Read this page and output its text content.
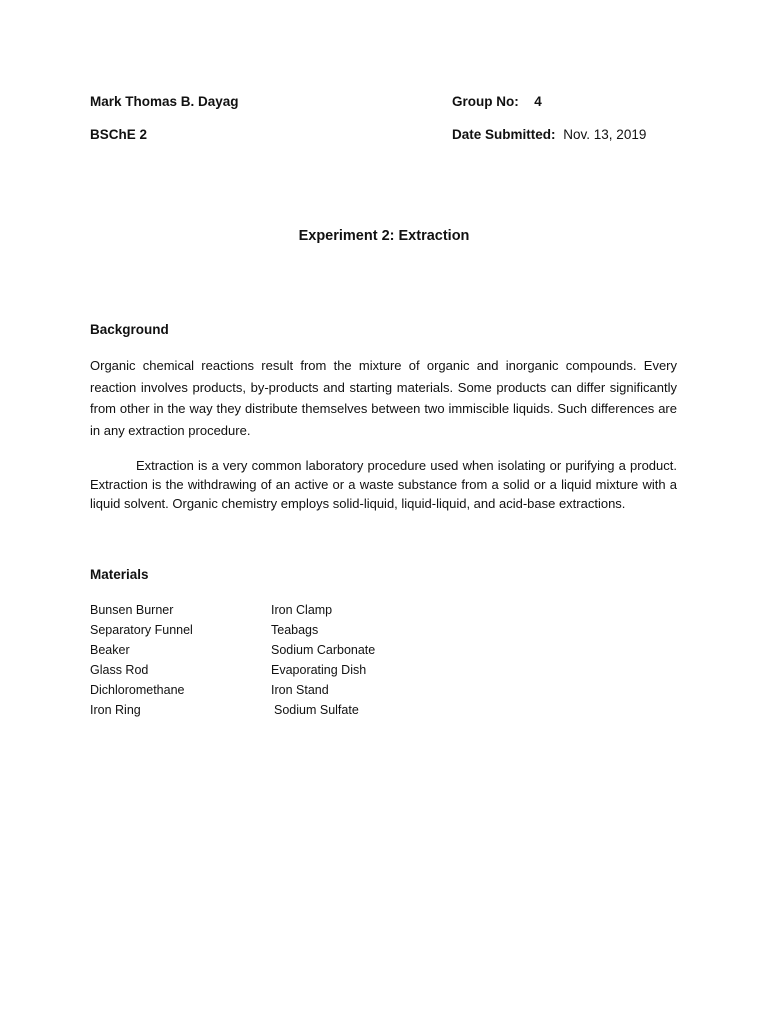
Mark Thomas B. Dayag	Group No: 4
BSChE 2	Date Submitted: Nov. 13, 2019
Experiment 2: Extraction
Background

Organic chemical reactions result from the mixture of organic and inorganic compounds. Every reaction involves products, by-products and starting materials. Some products can differ significantly from other in the way they distribute themselves between two immiscible liquids. Such differences are in any extraction procedure.

Extraction is a very common laboratory procedure used when isolating or purifying a product. Extraction is the withdrawing of an active or a waste substance from a solid or a liquid mixture with a liquid solvent. Organic chemistry employs solid-liquid, liquid-liquid, and acid-base extractions.

Materials
Bunsen Burner
Separatory Funnel
Beaker
Glass Rod
Dichloromethane
Iron Ring
Iron Clamp
Teabags
Sodium Carbonate
Evaporating Dish
Iron Stand
Sodium Sulfate
